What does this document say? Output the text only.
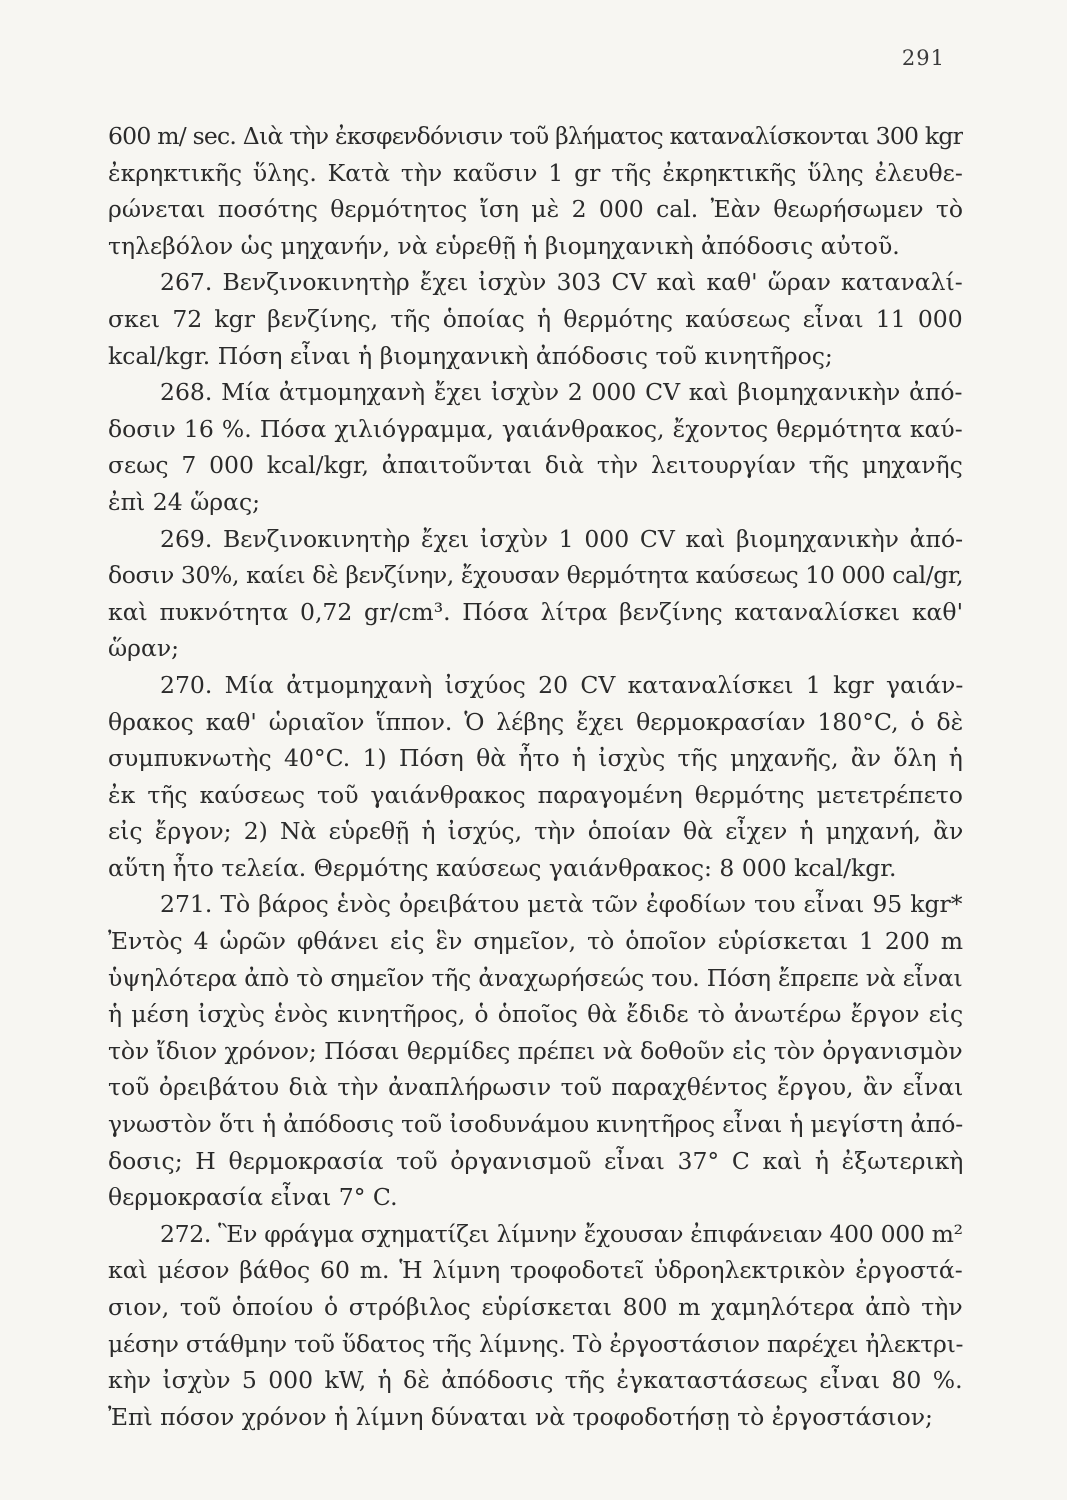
291
600 m/ sec. Διὰ τὴν ἐκσφενδόνισιν τοῦ βλήματος καταναλίσκονται 300 kgr
ἐκρηκτικῆς ὕλης. Κατὰ τὴν καῦσιν 1 gr τῆς ἐκρηκτικῆς ὕλης ἐλευθε-
ρώνεται ποσότης θερμότητος ἴση μὲ 2 000 cal. Ἐὰν θεωρήσωμεν τὸ
τηλεβόλον ὡς μηχανήν, νὰ εὑρεθῇ ἡ βιομηχανικὴ ἀπόδοσις αὐτοῦ.
267. Βενζινοκινητὴρ ἔχει ἰσχὺν 303 CV καὶ καθ' ὥραν καταναλί-
σκει 72 kgr βενζίνης, τῆς ὁποίας ἡ θερμότης καύσεως εἶναι 11 000
kcal/kgr. Πόση εἶναι ἡ βιομηχανικὴ ἀπόδοσις τοῦ κινητῆρος;
268. Μία ἀτμομηχανὴ ἔχει ἰσχὺν 2 000 CV καὶ βιομηχανικὴν ἀπό-
δοσιν 16 %. Πόσα χιλιόγραμμα, γαιάνθρακος, ἔχοντος θερμότητα καύ-
σεως 7 000 kcal/kgr, ἀπαιτοῦνται διὰ τὴν λειτουργίαν τῆς μηχανῆς
ἐπὶ 24 ὥρας;
269. Βενζινοκινητὴρ ἔχει ἰσχὺν 1 000 CV καὶ βιομηχανικὴν ἀπό-
δοσιν 30%, καίει δὲ βενζίνην, ἔχουσαν θερμότητα καύσεως 10 000 cal/gr,
καὶ πυκνότητα 0,72 gr/cm³. Πόσα λίτρα βενζίνης καταναλίσκει καθ'
ὥραν;
270. Μία ἀτμομηχανὴ ἰσχύος 20 CV καταναλίσκει 1 kgr γαιάν-
θρακος καθ' ὡριαῖον ἵππον. Ὁ λέβης ἔχει θερμοκρασίαν 180°C, ὁ δὲ
συμπυκνωτὴς 40°C. 1) Πόση θὰ ἦτο ἡ ἰσχὺς τῆς μηχανῆς, ἂν ὅλη ἡ
ἐκ τῆς καύσεως τοῦ γαιάνθρακος παραγομένη θερμότης μετετρέπετο
εἰς ἔργον; 2) Νὰ εὑρεθῇ ἡ ἰσχύς, τὴν ὁποίαν θὰ εἶχεν ἡ μηχανή, ἂν
αὕτη ἦτο τελεία. Θερμότης καύσεως γαιάνθρακος: 8 000 kcal/kgr.
271. Τὸ βάρος ἑνὸς ὀρειβάτου μετὰ τῶν ἐφοδίων του εἶναι 95 kgr*
Ἐντὸς 4 ὡρῶν φθάνει εἰς ἓν σημεῖον, τὸ ὁποῖον εὑρίσκεται 1 200 m
ὑψηλότερα ἀπὸ τὸ σημεῖον τῆς ἀναχωρήσεώς του. Πόση ἔπρεπε νὰ εἶναι
ἡ μέση ἰσχὺς ἑνὸς κινητῆρος, ὁ ὁποῖος θὰ ἔδιδε τὸ ἀνωτέρω ἔργον εἰς
τὸν ἴδιον χρόνον; Πόσαι θερμίδες πρέπει νὰ δοθοῦν εἰς τὸν ὀργανισμὸν
τοῦ ὀρειβάτου διὰ τὴν ἀναπλήρωσιν τοῦ παραχθέντος ἔργου, ἂν εἶναι
γνωστὸν ὅτι ἡ ἀπόδοσις τοῦ ἰσοδυνάμου κινητῆρος εἶναι ἡ μεγίστη ἀπό-
δοσις; Η θερμοκρασία τοῦ ὀργανισμοῦ εἶναι 37° C καὶ ἡ ἐξωτερικὴ
θερμοκρασία εἶναι 7° C.
272. Ἓν φράγμα σχηματίζει λίμνην ἔχουσαν ἐπιφάνειαν 400 000 m²
καὶ μέσον βάθος 60 m. Ἡ λίμνη τροφοδοτεῖ ὑδροηλεκτρικὸν ἐργοστά-
σιον, τοῦ ὁποίου ὁ στρόβιλος εὑρίσκεται 800 m χαμηλότερα ἀπὸ τὴν
μέσην στάθμην τοῦ ὕδατος τῆς λίμνης. Τὸ ἐργοστάσιον παρέχει ἠλεκτρι-
κὴν ἰσχὺν 5 000 kW, ἡ δὲ ἀπόδοσις τῆς ἐγκαταστάσεως εἶναι 80 %.
Ἐπὶ πόσον χρόνον ἡ λίμνη δύναται νὰ τροφοδοτήσῃ τὸ ἐργοστάσιον;
